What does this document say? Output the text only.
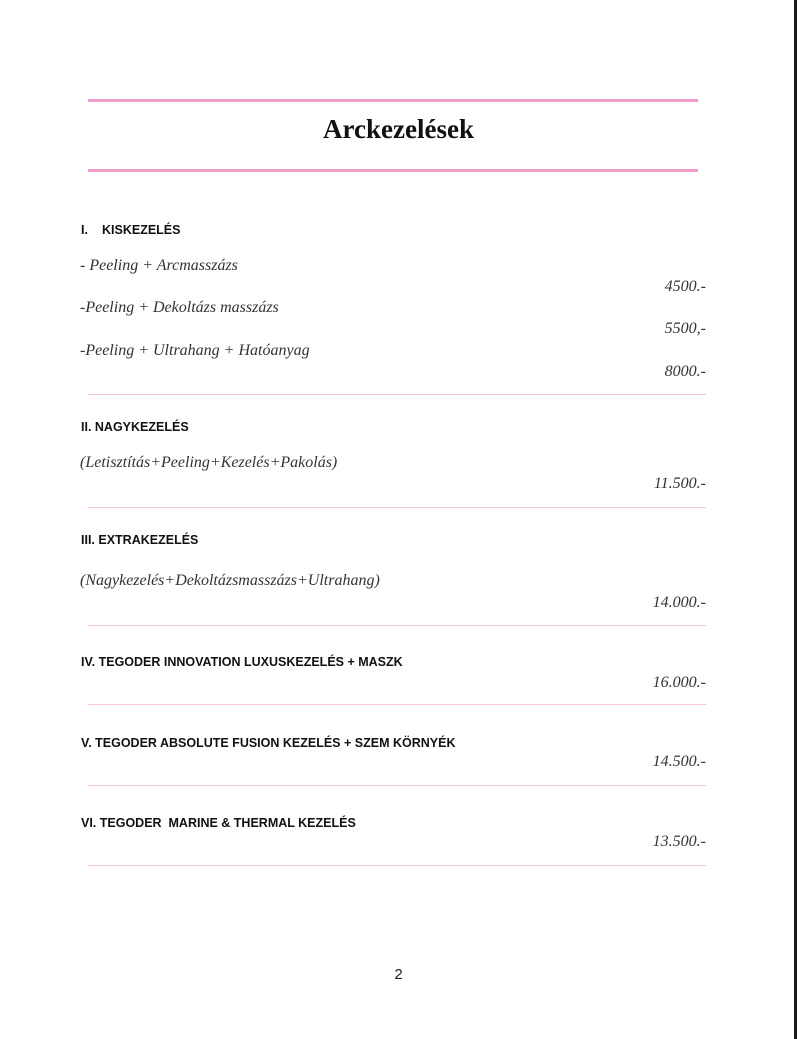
Arckezelések
I. KISKEZELÉS
- Peeling + Arcmasszázs
4500.-
-Peeling + Dekoltázs masszázs
5500,-
-Peeling + Ultrahang + Hatóanyag
8000.-
II. NAGYKEZELÉS
(Letisztítás+Peeling+Kezelés+Pakolás)
11.500.-
III. EXTRAKEZELÉS
(Nagykezelés+Dekoltázsmasszázs+Ultrahang)
14.000.-
IV. TEGODER INNOVATION LUXUSKEZELÉS + MASZK
16.000.-
V. TEGODER ABSOLUTE FUSION KEZELÉS + SZEM KÖRNYÉK
14.500.-
VI. TEGODER  MARINE & THERMAL KEZELÉS
13.500.-
2
